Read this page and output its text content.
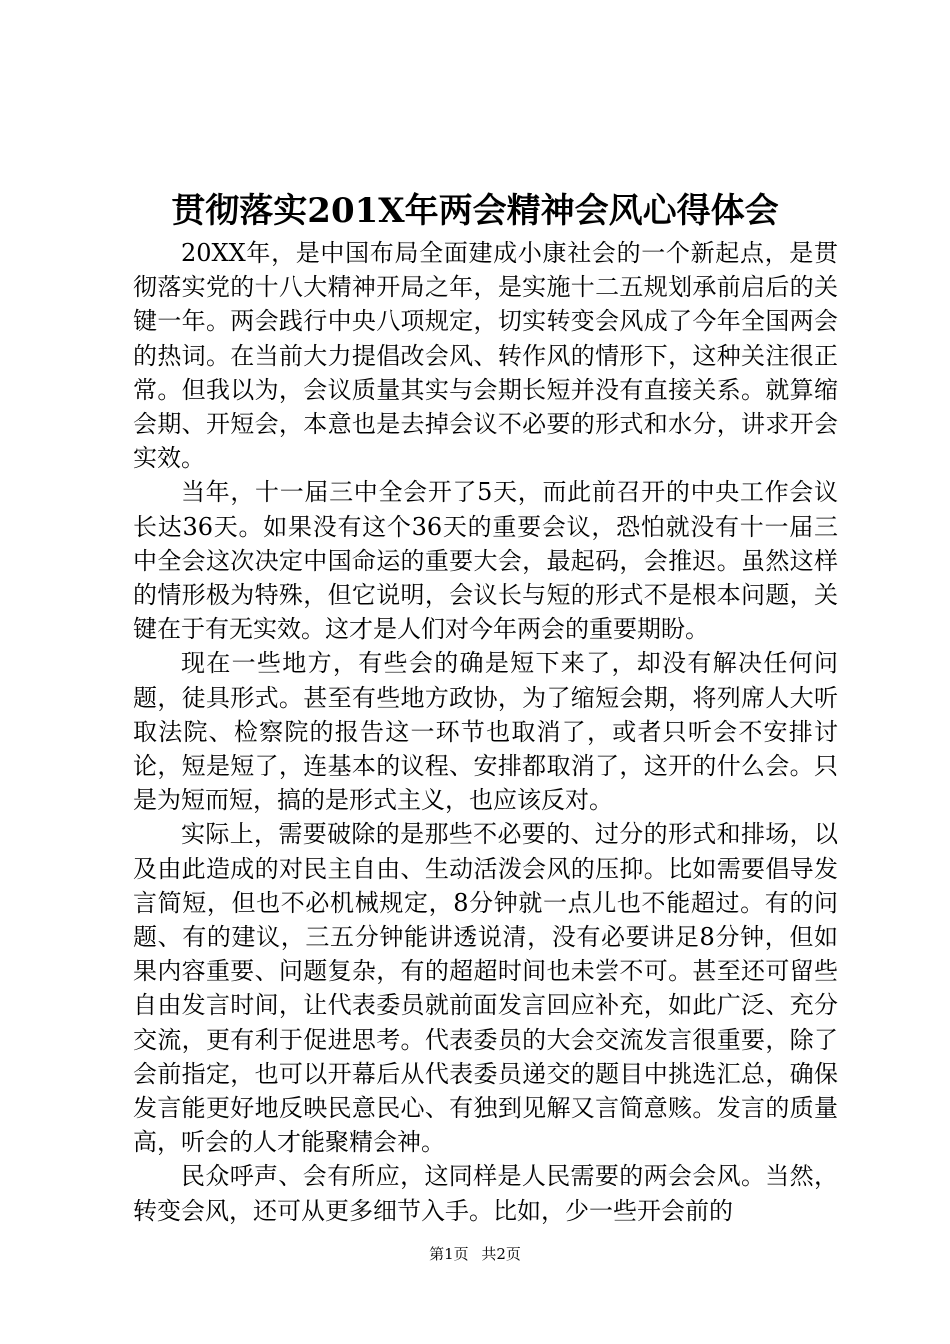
贯彻落实201X年两会精神会风心得体会

20XX年，是中国布局全面建成小康社会的一个新起点，是贯彻落实党的十八大精神开局之年，是实施十二五规划承前启后的关键一年。两会践行中央八项规定，切实转变会风成了今年全国两会的热词。在当前大力提倡改会风、转作风的情形下，这种关注很正常。但我以为，会议质量其实与会期长短并没有直接关系。就算缩会期、开短会，本意也是去掉会议不必要的形式和水分，讲求开会实效。

当年，十一届三中全会开了5天，而此前召开的中央工作会议长达36天。如果没有这个36天的重要会议，恐怕就没有十一届三中全会这次决定中国命运的重要大会，最起码，会推迟。虽然这样的情形极为特殊，但它说明，会议长与短的形式不是根本问题，关键在于有无实效。这才是人们对今年两会的重要期盼。

现在一些地方，有些会的确是短下来了，却没有解决任何问题，徒具形式。甚至有些地方政协，为了缩短会期，将列席人大听取法院、检察院的报告这一环节也取消了，或者只听会不安排讨论，短是短了，连基本的议程、安排都取消了，这开的什么会。只是为短而短，搞的是形式主义，也应该反对。

实际上，需要破除的是那些不必要的、过分的形式和排场，以及由此造成的对民主自由、生动活泼会风的压抑。比如需要倡导发言简短，但也不必机械规定，8分钟就一点儿也不能超过。有的问题、有的建议，三五分钟能讲透说清，没有必要讲足8分钟，但如果内容重要、问题复杂，有的超超时间也未尝不可。甚至还可留些自由发言时间，让代表委员就前面发言回应补充，如此广泛、充分交流，更有利于促进思考。代表委员的大会交流发言很重要，除了会前指定，也可以开幕后从代表委员递交的题目中挑选汇总，确保发言能更好地反映民意民心、有独到见解又言简意赅。发言的质量高，听会的人才能聚精会神。

民众呼声、会有所应，这同样是人民需要的两会会风。当然，转变会风，还可从更多细节入手。比如，少一些开会前的

第1页 共2页
